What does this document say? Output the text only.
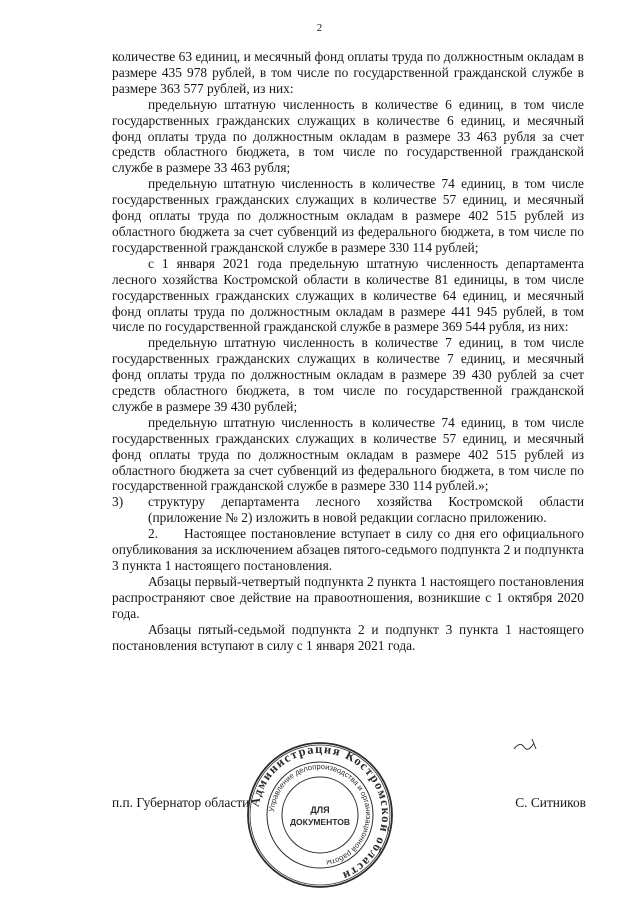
2

количестве 63 единиц, и месячный фонд оплаты труда по должностным окладам в размере 435 978 рублей, в том числе по государственной гражданской службе в размере 363 577 рублей, из них:

предельную штатную численность в количестве 6 единиц, в том числе государственных гражданских служащих в количестве 6 единиц, и месячный фонд оплаты труда по должностным окладам в размере 33 463 рубля за счет средств областного бюджета, в том числе по государственной гражданской службе в размере 33 463 рубля;

предельную штатную численность в количестве 74 единиц, в том числе государственных гражданских служащих в количестве 57 единиц, и месячный фонд оплаты труда по должностным окладам в размере 402 515 рублей из областного бюджета за счет субвенций из федерального бюджета, в том числе по государственной гражданской службе в размере 330 114 рублей;

с 1 января 2021 года предельную штатную численность департамента лесного хозяйства Костромской области в количестве 81 единицы, в том числе государственных гражданских служащих в количестве 64 единиц, и месячный фонд оплаты труда по должностным окладам в размере 441 945 рублей, в том числе по государственной гражданской службе в размере 369 544 рубля, из них:

предельную штатную численность в количестве 7 единиц, в том числе государственных гражданских служащих в количестве 7 единиц, и месячный фонд оплаты труда по должностным окладам в размере 39 430 рублей за счет средств областного бюджета, в том числе по государственной гражданской службе в размере 39 430 рублей;

предельную штатную численность в количестве 74 единиц, в том числе государственных гражданских служащих в количестве 57 единиц, и месячный фонд оплаты труда по должностным окладам в размере 402 515 рублей из областного бюджета за счет субвенций из федерального бюджета, в том числе по государственной гражданской службе в размере 330 114 рублей.»;

3) структуру департамента лесного хозяйства Костромской области (приложение № 2) изложить в новой редакции согласно приложению.

2. Настоящее постановление вступает в силу со дня его официального опубликования за исключением абзацев пятого-седьмого подпункта 2 и подпункта 3 пункта 1 настоящего постановления.

Абзацы первый-четвертый подпункта 2 пункта 1 настоящего постановления распространяют свое действие на правоотношения, возникшие с 1 октября 2020 года.

Абзацы пятый-седьмой подпункта 2 и подпункт 3 пункта 1 настоящего постановления вступают в силу с 1 января 2021 года.

п.п. Губернатор области	С. Ситников
Администрация Костромской области
Управление делопроизводства и организационной работы
ДЛЯ
ДОКУМЕНТОВ
